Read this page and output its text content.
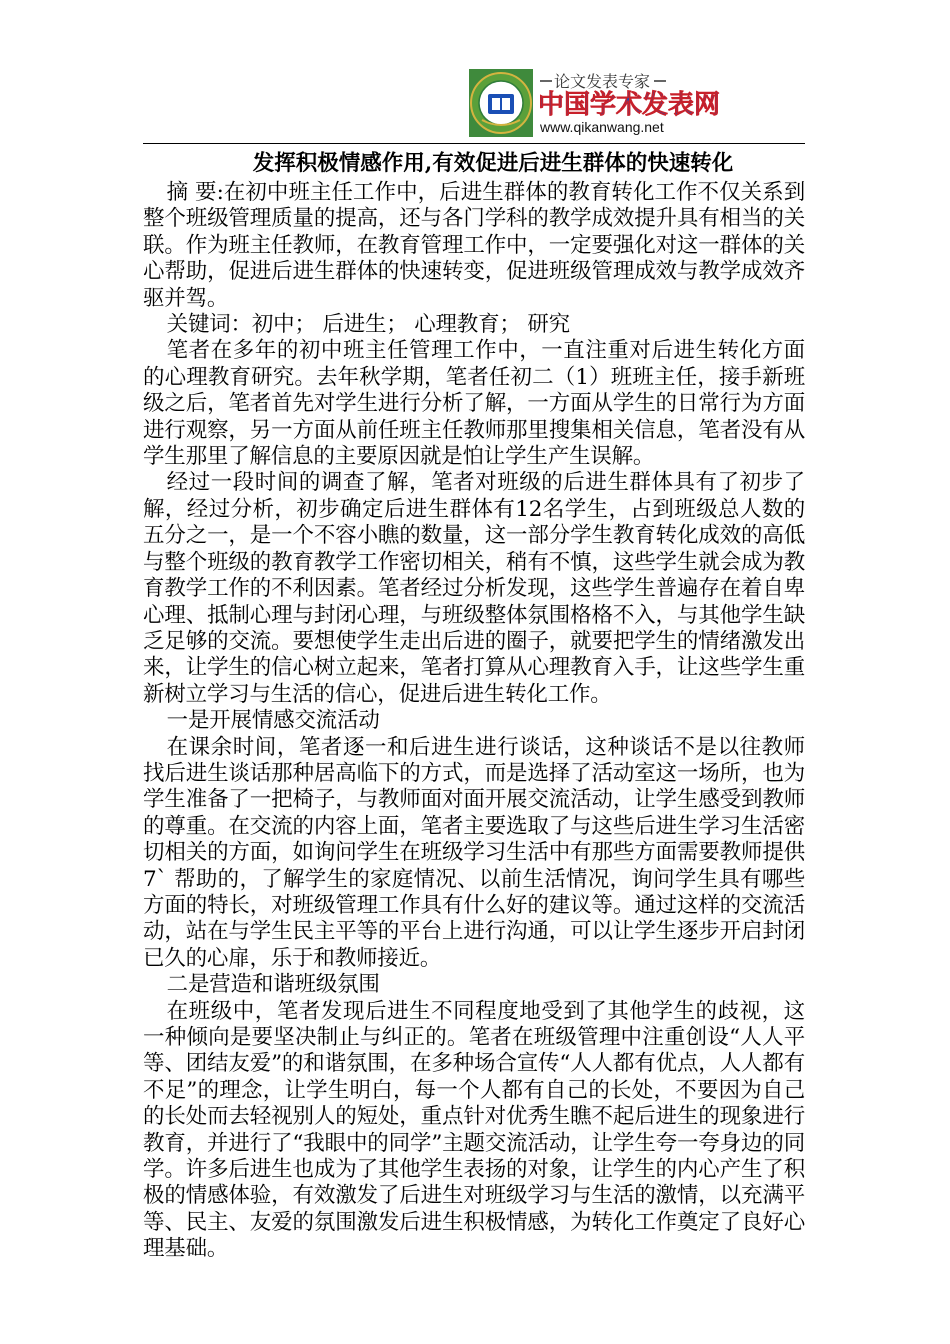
论文发表专家
中国学术发表网
www.qikanwang.net
发挥积极情感作用,有效促进后进生群体的快速转化

摘 要:在初中班主任工作中，后进生群体的教育转化工作不仅关系到整个班级管理质量的提高，还与各门学科的教学成效提升具有相当的关联。作为班主任教师，在教育管理工作中，一定要强化对这一群体的关心帮助，促进后进生群体的快速转变，促进班级管理成效与教学成效齐驱并驾。

关键词：初中； 后进生； 心理教育； 研究

笔者在多年的初中班主任管理工作中，一直注重对后进生转化方面的心理教育研究。去年秋学期，笔者任初二（1）班班主任，接手新班级之后，笔者首先对学生进行分析了解，一方面从学生的日常行为方面进行观察，另一方面从前任班主任教师那里搜集相关信息，笔者没有从学生那里了解信息的主要原因就是怕让学生产生误解。

经过一段时间的调查了解，笔者对班级的后进生群体具有了初步了解，经过分析，初步确定后进生群体有12名学生，占到班级总人数的五分之一，是一个不容小瞧的数量，这一部分学生教育转化成效的高低与整个班级的教育教学工作密切相关，稍有不慎，这些学生就会成为教育教学工作的不利因素。笔者经过分析发现，这些学生普遍存在着自卑心理、抵制心理与封闭心理，与班级整体氛围格格不入，与其他学生缺乏足够的交流。要想使学生走出后进的圈子，就要把学生的情绪激发出来，让学生的信心树立起来，笔者打算从心理教育入手，让这些学生重新树立学习与生活的信心，促进后进生转化工作。

一是开展情感交流活动

在课余时间，笔者逐一和后进生进行谈话，这种谈话不是以往教师找后进生谈话那种居高临下的方式，而是选择了活动室这一场所，也为学生准备了一把椅子，与教师面对面开展交流活动，让学生感受到教师的尊重。在交流的内容上面，笔者主要选取了与这些后进生学习生活密切相关的方面，如询问学生在班级学习生活中有那些方面需要教师提供7` 帮助的，了解学生的家庭情况、以前生活情况，询问学生具有哪些方面的特长，对班级管理工作具有什么好的建议等。通过这样的交流活动，站在与学生民主平等的平台上进行沟通，可以让学生逐步开启封闭已久的心扉，乐于和教师接近。

二是营造和谐班级氛围

在班级中，笔者发现后进生不同程度地受到了其他学生的歧视，这一种倾向是要坚决制止与纠正的。笔者在班级管理中注重创设“人人平等、团结友爱”的和谐氛围，在多种场合宣传“人人都有优点，人人都有不足”的理念，让学生明白，每一个人都有自己的长处，不要因为自己的长处而去轻视别人的短处，重点针对优秀生瞧不起后进生的现象进行教育，并进行了“我眼中的同学”主题交流活动，让学生夸一夸身边的同学。许多后进生也成为了其他学生表扬的对象，让学生的内心产生了积极的情感体验，有效激发了后进生对班级学习与生活的激情，以充满平等、民主、友爱的氛围激发后进生积极情感，为转化工作奠定了良好心理基础。
